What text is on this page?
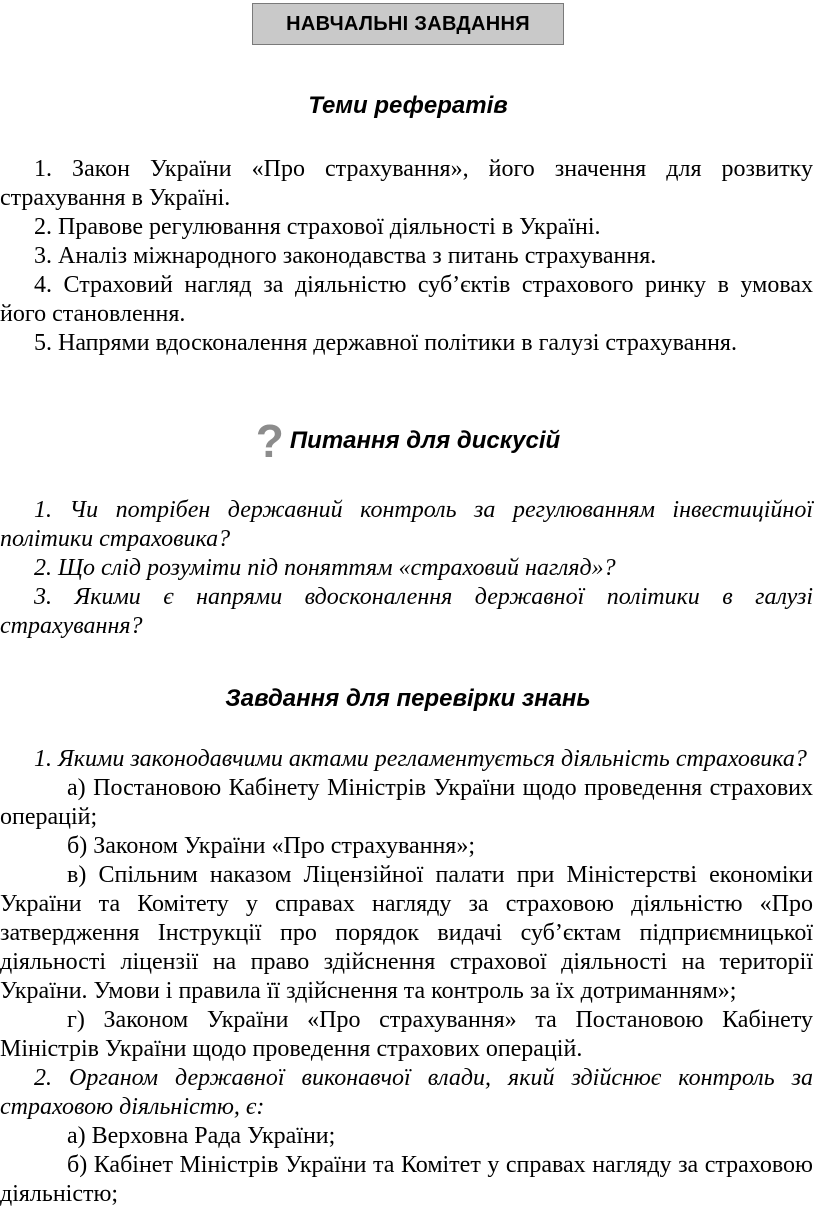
НАВЧАЛЬНІ ЗАВДАННЯ
Теми рефератів

1. Закон України «Про страхування», його значення для розвитку страхування в Україні.

2. Правове регулювання страхової діяльності в Україні.

3. Аналіз міжнародного законодавства з питань страхування.

4. Страховий нагляд за діяльністю суб’єктів страхового ринку в умовах його становлення.

5. Напрями вдосконалення державної політики в галузі страхування.

? Питання для дискусій

1. Чи потрібен державний контроль за регулюванням інвестиційної політики страховика?

2. Що слід розуміти під поняттям «страховий нагляд»?

3. Якими є напрями вдосконалення державної політики в галузі страхування?

Завдання для перевірки знань

1. Якими законодавчими актами регламентується діяльність страховика?

а) Постановою Кабінету Міністрів України щодо проведення страхових операцій;

б) Законом України «Про страхування»;

в) Спільним наказом Ліцензійної палати при Міністерстві економіки України та Комітету у справах нагляду за страховою діяльністю «Про затвердження Інструкції про порядок видачі суб’єктам підприємницької діяльності ліцензії на право здійснення страхової діяльності на території України. Умови і правила її здійснення та контроль за їх дотриманням»;

г) Законом України «Про страхування» та Постановою Кабінету Міністрів України щодо проведення страхових операцій.

2. Органом державної виконавчої влади, який здійснює контроль за страховою діяльністю, є:

а) Верховна Рада України;

б) Кабінет Міністрів України та Комітет у справах нагляду за страховою діяльністю;
